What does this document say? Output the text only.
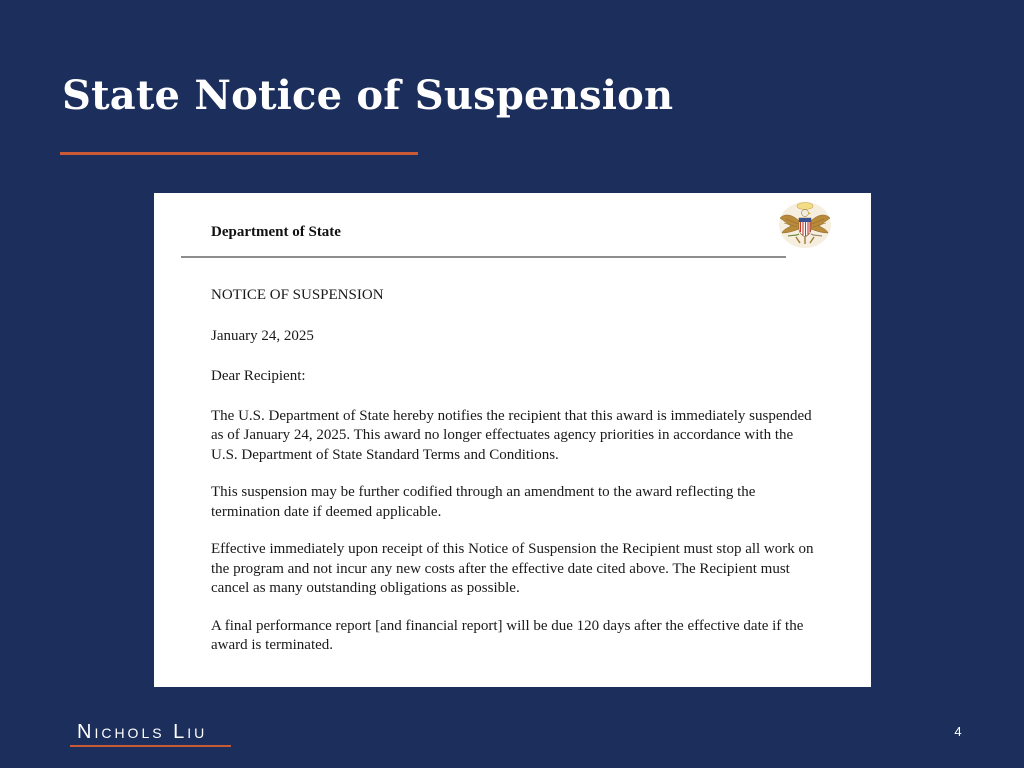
State Notice of Suspension
Department of State

NOTICE OF SUSPENSION

January 24, 2025

Dear Recipient:

The U.S. Department of State hereby notifies the recipient that this award is immediately suspended as of January 24, 2025. This award no longer effectuates agency priorities in accordance with the U.S. Department of State Standard Terms and Conditions.

This suspension may be further codified through an amendment to the award reflecting the termination date if deemed applicable.

Effective immediately upon receipt of this Notice of Suspension the Recipient must stop all work on the program and not incur any new costs after the effective date cited above. The Recipient must cancel as many outstanding obligations as possible.

A final performance report [and financial report] will be due 120 days after the effective date if the award is terminated.

Nichols Liu	4
